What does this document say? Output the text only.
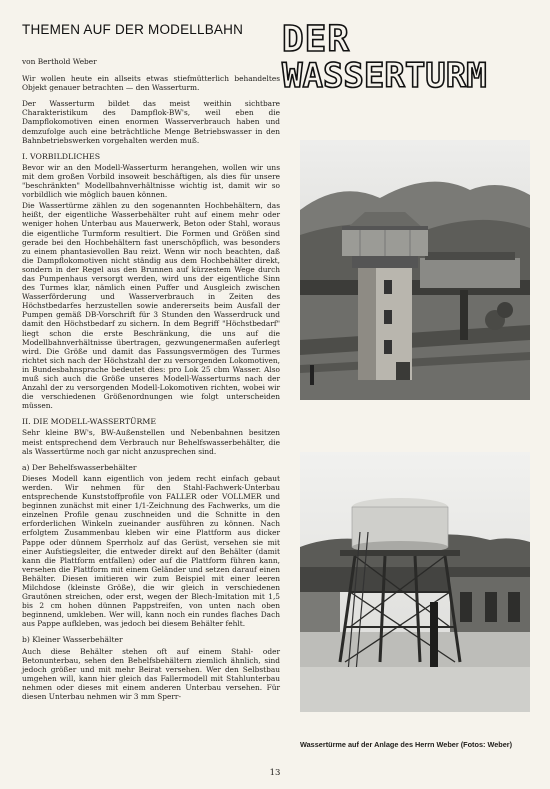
THEMEN AUF DER MODELLBAHN DER
WASSERTURM

von Berthold Weber

Wir wollen heute ein allseits etwas stiefmütterlich behandeltes Objekt genauer betrachten — den Wasserturm.

Der Wasserturm bildet das meist weithin sichtbare Charakteristikum des Dampflok-BW's, weil eben die Dampflokomotiven einen enormen Wasserverbrauch haben und demzufolge auch eine beträchtliche Menge Betriebswasser in den Bahnbetriebswerken vorgehalten werden muß.

I. VORBILDLICHES

Bevor wir an den Modell-Wasserturm herangehen, wollen wir uns mit dem großen Vorbild insoweit beschäftigen, als dies für unsere "beschränkten" Modellbahnverhältnisse wichtig ist, damit wir so vorbildlich wie möglich bauen können.

Die Wassertürme zählen zu den sogenannten Hochbehältern, das heißt, der eigentliche Wasserbehälter ruht auf einem mehr oder weniger hohen Unterbau aus Mauerwerk, Beton oder Stahl, woraus die eigentliche Turmform resultiert. Die Formen und Größen sind gerade bei den Hochbehältern fast unerschöpflich, was besonders zu einem phantasievollen Bau reizt. Wenn wir noch beachten, daß die Dampflokomotiven nicht ständig aus dem Hochbehälter direkt, sondern in der Regel aus den Brunnen auf kürzestem Wege durch das Pumpenhaus versorgt werden, wird uns der eigentliche Sinn des Turmes klar, nämlich einen Puffer und Ausgleich zwischen Wasserförderung und Wasserverbrauch in Zeiten des Höchstbedarfes herzustellen sowie andererseits beim Ausfall der Pumpen gemäß DB-Vorschrift für 3 Stunden den Wasserdruck und damit den Höchstbedarf zu sichern. In dem Begriff "Höchstbedarf" liegt schon die erste Beschränkung, die uns auf die Modellbahnverhältnisse übertragen, gezwungenermaßen auferlegt wird. Die Größe und damit das Fassungsvermögen des Turmes richtet sich nach der Höchstzahl der zu versorgenden Lokomotiven, in Bundesbahnsprache bedeutet dies: pro Lok 25 cbm Wasser. Also muß sich auch die Größe unseres Modell-Wasserturms nach der Anzahl der zu versorgenden Modell-Lokomotiven richten, wobei wir die verschiedenen Größenordnungen wie folgt unterscheiden müssen.

II. DIE MODELL-WASSERTÜRME

Sehr kleine BW's, BW-Außenstellen und Nebenbahnen besitzen meist entsprechend dem Verbrauch nur Behelfswasserbehälter, die als Wassertürme noch gar nicht anzusprechen sind.

a) Der Behelfswasserbehälter

Dieses Modell kann eigentlich von jedem recht einfach gebaut werden. Wir nehmen für den Stahl-Fachwerk-Unterbau entsprechende Kunststoffprofile von FALLER oder VOLLMER und beginnen zunächst mit einer 1/1-Zeichnung des Fachwerks, um die einzelnen Profile genau zuschneiden und die Schnitte in den erforderlichen Winkeln zueinander ausführen zu können. Nach erfolgtem Zusammenbau kleben wir eine Plattform aus dicker Pappe oder dünnem Sperrholz auf das Gerüst, versehen sie mit einer Aufstiegsleiter, die entweder direkt auf den Behälter (damit kann die Plattform entfallen) oder auf die Plattform führen kann, versehen die Plattform mit einem Geländer und setzen darauf einen Behälter. Diesen imitieren wir zum Beispiel mit einer leeren Milchdose (kleinste Größe), die wir gleich in verschiedenen Grautönen streichen, oder erst, wegen der Blech-Imitation mit 1,5 bis 2 cm hohen dünnen Pappstreifen, von unten nach oben beginnend, umkleben. Wer will, kann noch ein rundes flaches Dach aus Pappe aufkleben, was jedoch bei diesem Behälter fehlt.

b) Kleiner Wasserbehälter

Auch diese Behälter stehen oft auf einem Stahl- oder Betonunterbau, sehen den Behelfsbehältern ziemlich ähnlich, sind jedoch größer und mit mehr Beirat versehen. Wer den Selbstbau umgehen will, kann hier gleich das Fallermodell mit Stahlunterbau nehmen oder dieses mit einem anderen Unterbau versehen. Für diesen Unterbau nehmen wir 3 mm Sperr-

Wassertürme auf der Anlage des Herrn Weber (Fotos: Weber)
13
